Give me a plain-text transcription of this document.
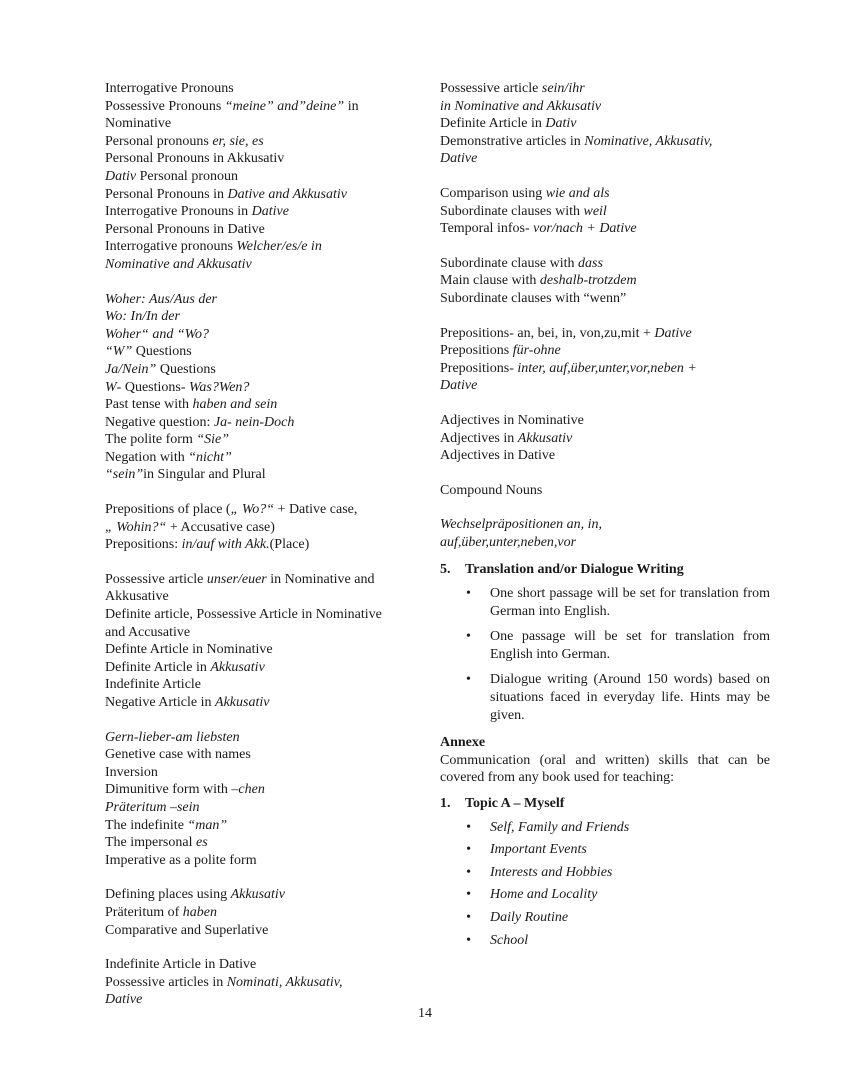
Interrogative Pronouns
Possessive Pronouns “meine” and”deine” in
Nominative
Personal pronouns er, sie, es
Personal Pronouns in Akkusativ
Dativ Personal pronoun
Personal Pronouns in Dative and Akkusativ
Interrogative Pronouns in Dative
Personal Pronouns in Dative
Interrogative pronouns Welcher/es/e in
Nominative and Akkusativ
Woher: Aus/Aus der
Wo: In/In der
Woher“ and “Wo?
“W” Questions
Ja/Nein” Questions
W- Questions- Was?Wen?
Past tense with haben and sein
Negative question: Ja- nein-Doch
The polite form “Sie”
Negation with “nicht”
“sein”in Singular and Plural
Prepositions of place („ Wo?“ + Dative case,
„ Wohin?“ + Accusative case)
Prepositions: in/auf with Akk.(Place)
Possessive article unser/euer in Nominative and
Akkusative
Definite article, Possessive Article in Nominative
and Accusative
Definte Article in Nominative
Definite Article in Akkusativ
Indefinite Article
Negative Article in Akkusativ
Gern-lieber-am liebsten
Genetive case with names
Inversion
Dimunitive form with –chen
Präteritum –sein
The indefinite “man”
The impersonal es
Imperative as a polite form
Defining places using Akkusativ
Präteritum of haben
Comparative and Superlative
Indefinite Article in Dative
Possessive articles in Nominati, Akkusativ,
Dative
Possessive article sein/ihr
in Nominative and Akkusativ
Definite Article in Dativ
Demonstrative articles in Nominative, Akkusativ,
Dative
Comparison using wie and als
Subordinate clauses with weil
Temporal infos- vor/nach + Dative
Subordinate clause with dass
Main clause with deshalb-trotzdem
Subordinate clauses with “wenn”
Prepositions- an, bei, in, von,zu,mit + Dative
Prepositions für-ohne
Prepositions- inter, auf,über,unter,vor,neben +
Dative
Adjectives in Nominative
Adjectives in Akkusativ
Adjectives in Dative
Compound Nouns
Wechselpräpositionen an, in,
auf,über,unter,neben,vor
5. Translation and/or Dialogue Writing
• One short passage will be set for translation from German into English.
• One passage will be set for translation from English into German.
• Dialogue writing (Around 150 words) based on situations faced in everyday life. Hints may be given.
Annexe
Communication (oral and written) skills that can be covered from any book used for teaching:
1. Topic A – Myself
• Self, Family and Friends
• Important Events
• Interests and Hobbies
• Home and Locality
• Daily Routine
• School
14
